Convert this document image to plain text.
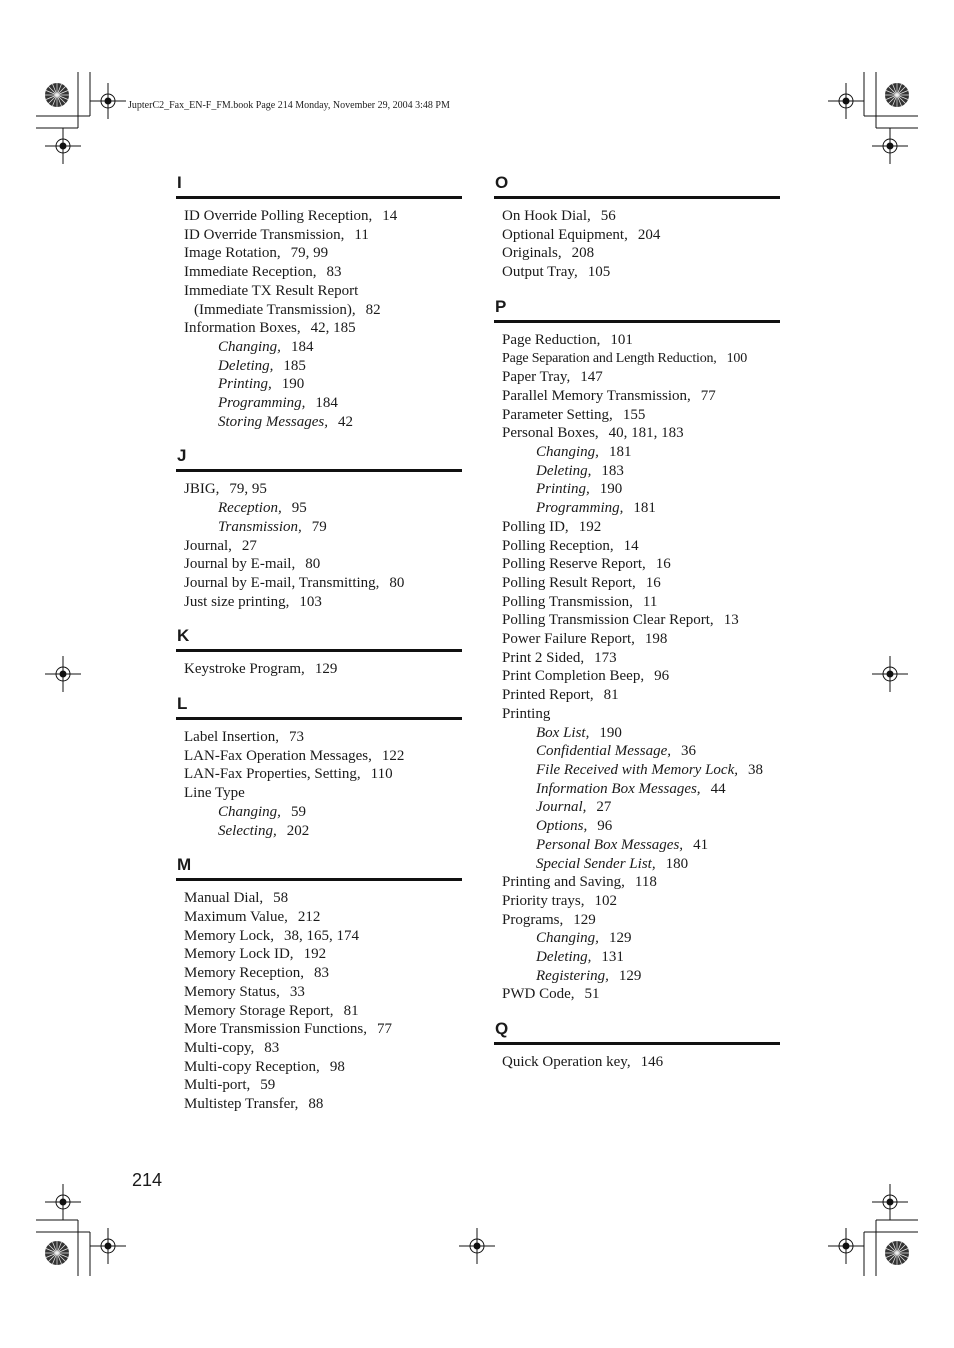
JupterC2_Fax_EN-F_FM.book Page 214 Monday, November 29, 2004 3:48 PM
I
ID Override Polling Reception, 14
ID Override Transmission, 11
Image Rotation, 79, 99
Immediate Reception, 83
Immediate TX Result Report
(Immediate Transmission), 82
Information Boxes, 42, 185
Changing, 184
Deleting, 185
Printing, 190
Programming, 184
Storing Messages, 42
J
JBIG, 79, 95
Reception, 95
Transmission, 79
Journal, 27
Journal by E-mail, 80
Journal by E-mail, Transmitting, 80
Just size printing, 103
K
Keystroke Program, 129
L
Label Insertion, 73
LAN-Fax Operation Messages, 122
LAN-Fax Properties, Setting, 110
Line Type
Changing, 59
Selecting, 202
M
Manual Dial, 58
Maximum Value, 212
Memory Lock, 38, 165, 174
Memory Lock ID, 192
Memory Reception, 83
Memory Status, 33
Memory Storage Report, 81
More Transmission Functions, 77
Multi-copy, 83
Multi-copy Reception, 98
Multi-port, 59
Multistep Transfer, 88
O
On Hook Dial, 56
Optional Equipment, 204
Originals, 208
Output Tray, 105
P
Page Reduction, 101
Page Separation and Length Reduction, 100
Paper Tray, 147
Parallel Memory Transmission, 77
Parameter Setting, 155
Personal Boxes, 40, 181, 183
Changing, 181
Deleting, 183
Printing, 190
Programming, 181
Polling ID, 192
Polling Reception, 14
Polling Reserve Report, 16
Polling Result Report, 16
Polling Transmission, 11
Polling Transmission Clear Report, 13
Power Failure Report, 198
Print 2 Sided, 173
Print Completion Beep, 96
Printed Report, 81
Printing
Box List, 190
Confidential Message, 36
File Received with Memory Lock, 38
Information Box Messages, 44
Journal, 27
Options, 96
Personal Box Messages, 41
Special Sender List, 180
Printing and Saving, 118
Priority trays, 102
Programs, 129
Changing, 129
Deleting, 131
Registering, 129
PWD Code, 51
Q
Quick Operation key, 146
214
